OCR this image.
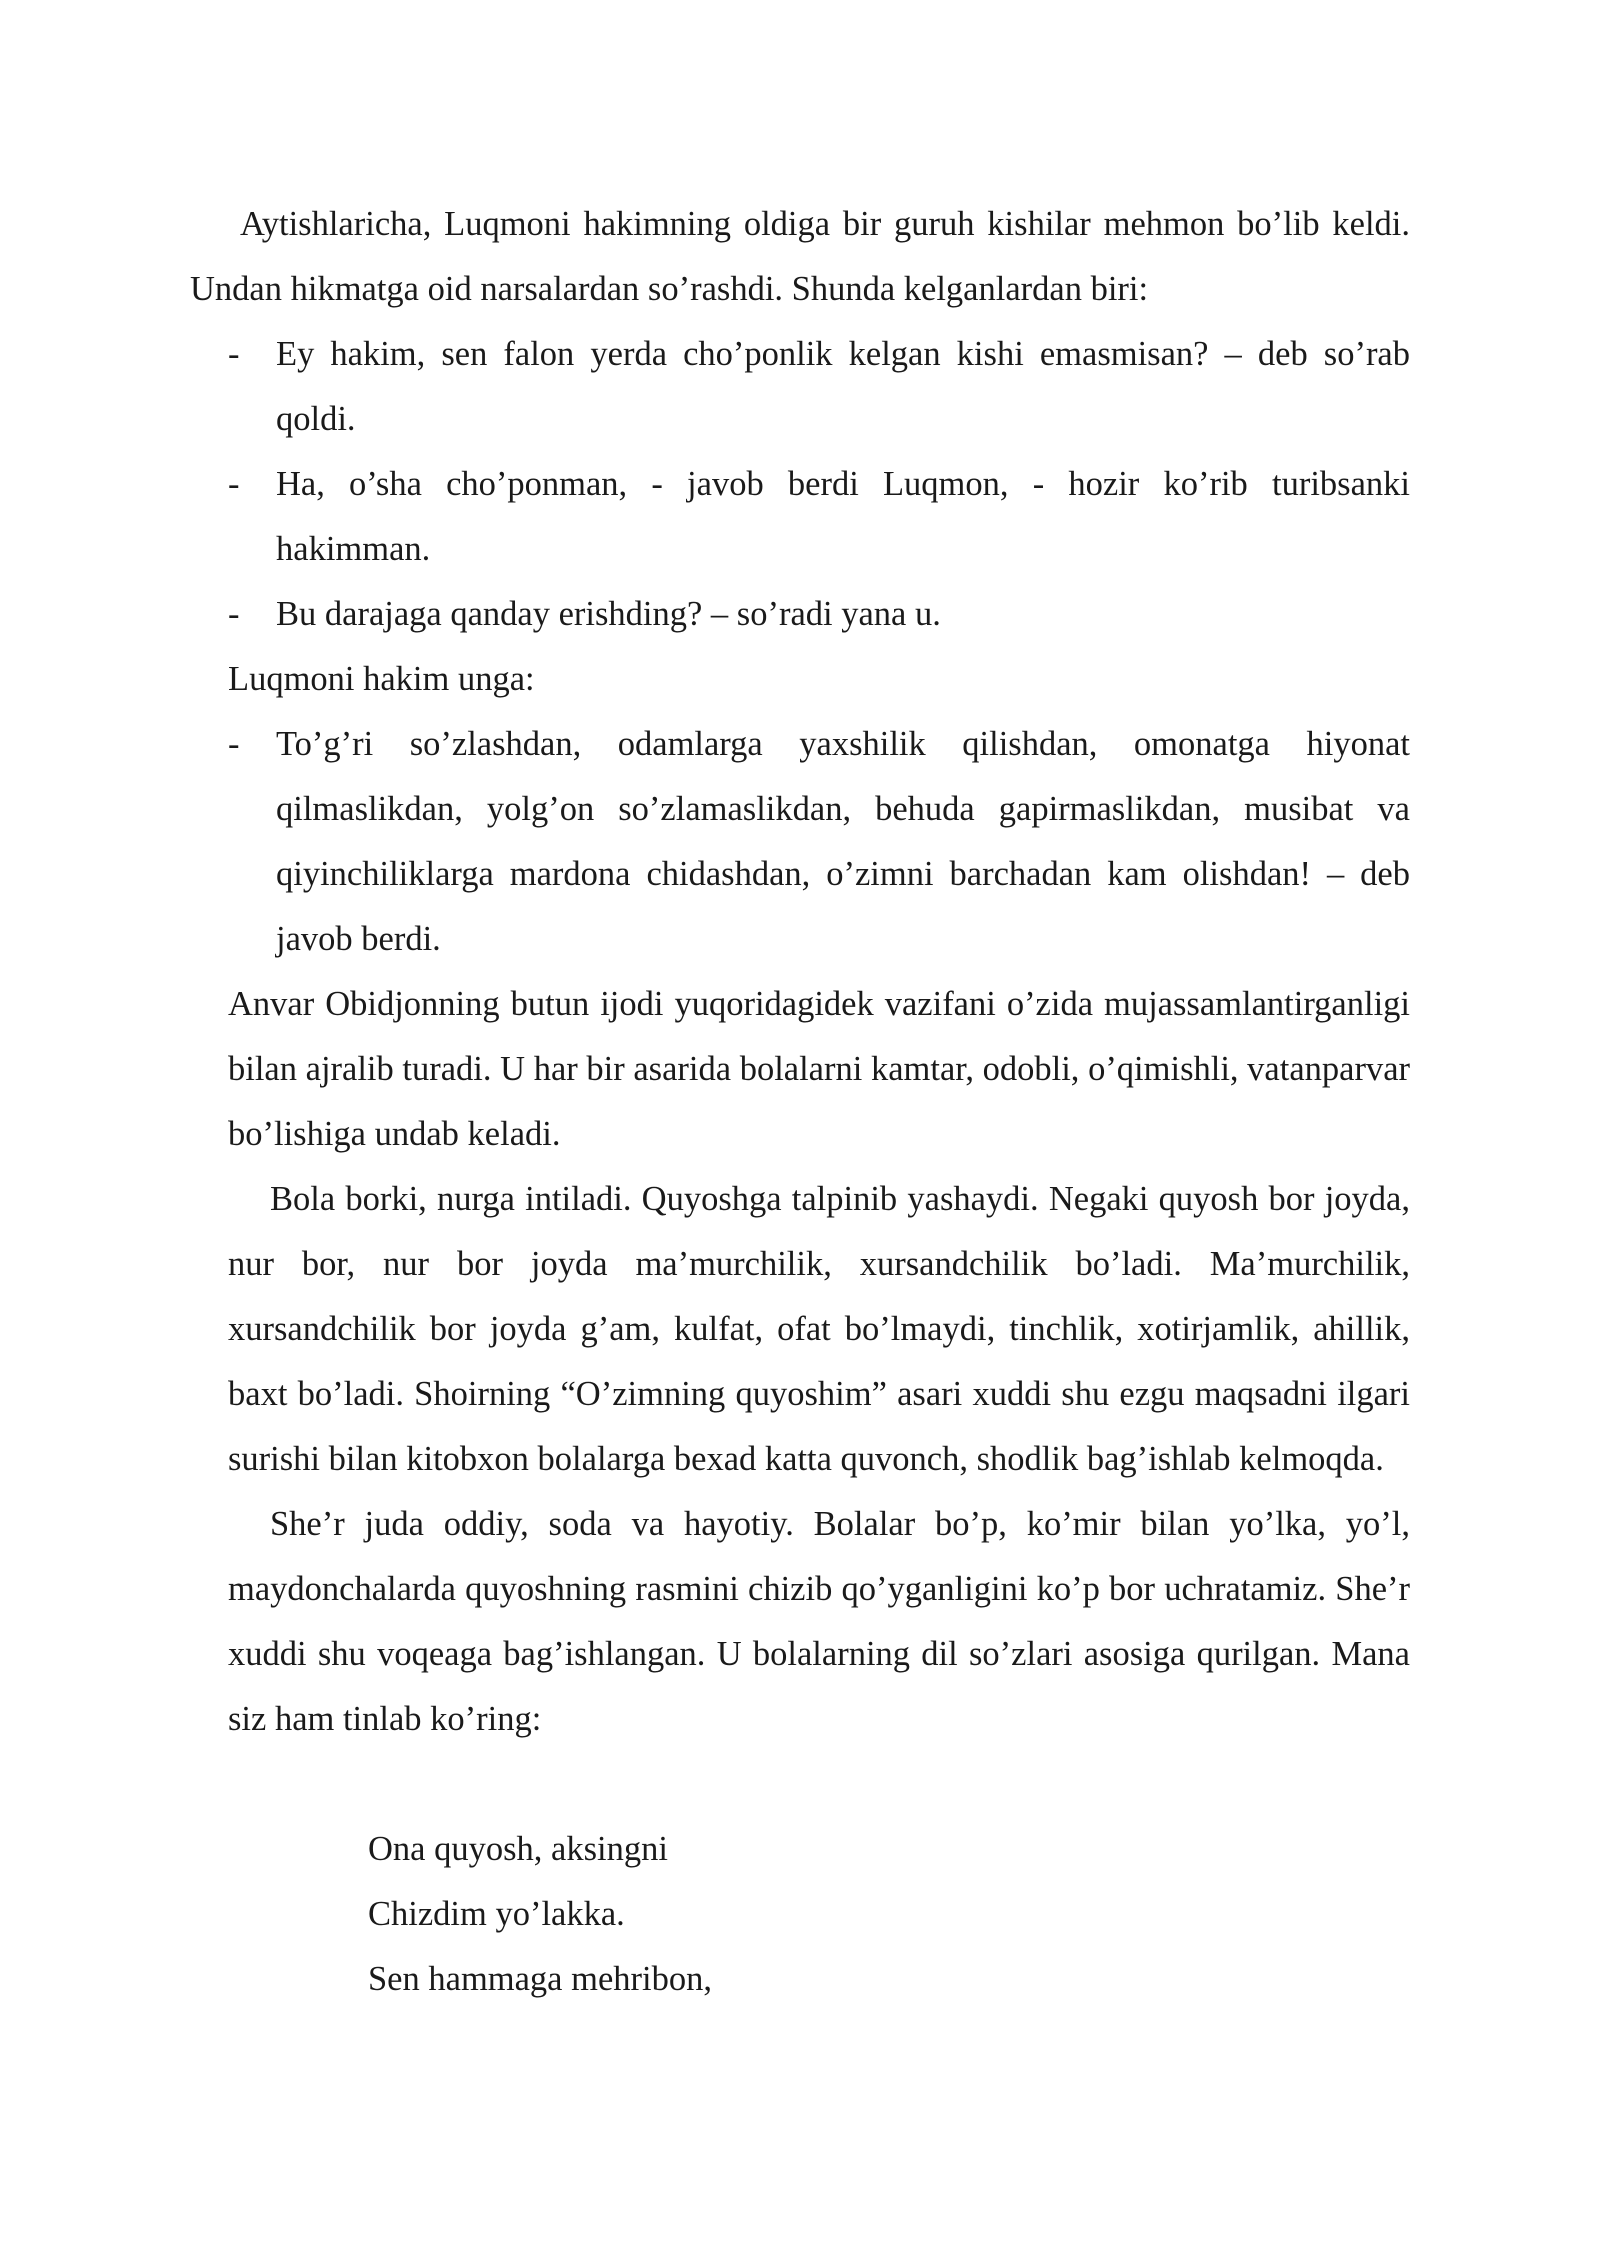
Aytishlaricha, Luqmoni hakimning oldiga bir guruh kishilar mehmon bo’lib keldi. Undan hikmatga oid narsalardan so’rashdi. Shunda kelganlardan biri:

- Ey hakim, sen falon yerda cho’ponlik kelgan kishi emasmisan? – deb so’rab qoldi.
- Ha, o’sha cho’ponman, - javob berdi Luqmon, - hozir ko’rib turibsanki hakimman.
- Bu darajaga qanday erishding? – so’radi yana u.

Luqmoni hakim unga:

- To’g’ri so’zlashdan, odamlarga yaxshilik qilishdan, omonatga hiyonat qilmaslikdan, yolg’on so’zlamaslikdan, behuda gapirmaslikdan, musibat va qiyinchiliklarga mardona chidashdan, o’zimni barchadan kam olishdan! – deb javob berdi.

Anvar Obidjonning butun ijodi yuqoridagidek vazifani o’zida mujassamlantirganligi bilan ajralib turadi. U har bir asarida bolalarni kamtar, odobli, o’qimishli, vatanparvar bo’lishiga undab keladi.

Bola borki, nurga intiladi. Quyoshga talpinib yashaydi. Negaki quyosh bor joyda, nur bor, nur bor joyda ma’murchilik, xursandchilik bo’ladi. Ma’murchilik, xursandchilik bor joyda g’am, kulfat, ofat bo’lmaydi, tinchlik, xotirjamlik, ahillik, baxt bo’ladi. Shoirning “O’zimning quyoshim” asari xuddi shu ezgu maqsadni ilgari surishi bilan kitobxon bolalarga bexad katta quvonch, shodlik bag’ishlab kelmoqda.

She’r juda oddiy, soda va hayotiy. Bolalar bo’p, ko’mir bilan yo’lka, yo’l, maydonchalarda quyoshning rasmini chizib qo’yganligini ko’p bor uchratamiz. She’r xuddi shu voqeaga bag’ishlangan. U bolalarning dil so’zlari asosiga qurilgan. Mana siz ham tinlab ko’ring:

Ona quyosh, aksingni
Chizdim yo’lakka.
Sen hammaga mehribon,
